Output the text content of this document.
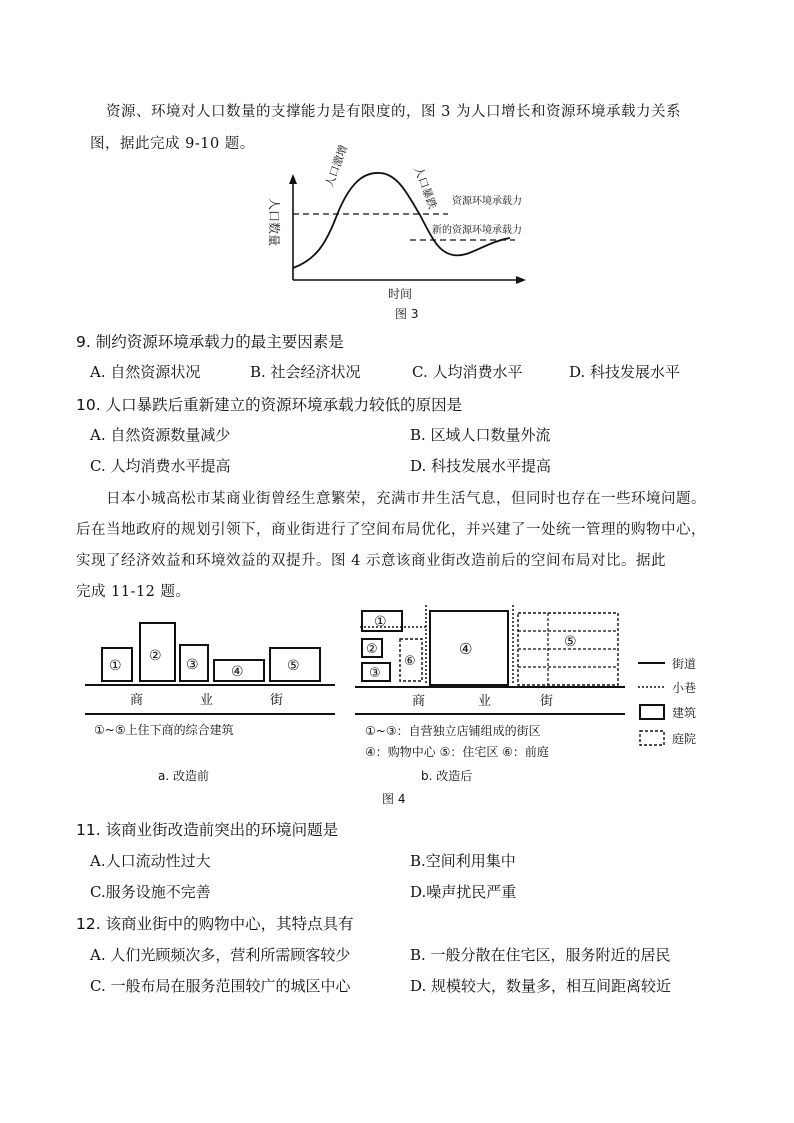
资源、环境对人口数量的支撑能力是有限度的，图 3 为人口增长和资源环境承载力关系
图，据此完成 9-10 题。
人口数量
人口激增	人口暴跌 资源环境承载力
新的资源环境承载力
时间
图 3
9. 制约资源环境承载力的最主要因素是
A. 自然资源状况	B. 社会经济状况	C. 人均消费水平	D. 科技发展水平
10. 人口暴跌后重新建立的资源环境承载力较低的原因是
A. 自然资源数量减少	B. 区域人口数量外流
C. 人均消费水平提高	D. 科技发展水平提高
日本小城高松市某商业街曾经生意繁荣，充满市井生活气息，但同时也存在一些环境问题。
后在当地政府的规划引领下，商业街进行了空间布局优化，并兴建了一处统一管理的购物中心，
实现了经济效益和环境效益的双提升。图 4 示意该商业街改造前后的空间布局对比。据此
完成 11-12 题。
①
②
③ ④	⑤
商	业	街
①~⑤上住下商的综合建筑
a. 改造前
①
②
③
④	⑤
⑥
商	业	街
①~③：自营独立店铺组成的街区
④：购物中心 ⑤：住宅区 ⑥：前庭
b. 改造后
街道
小巷
建筑
庭院
图 4
11. 该商业街改造前突出的环境问题是
A.人口流动性过大	B.空间利用集中
C.服务设施不完善	D.噪声扰民严重
12. 该商业街中的购物中心，其特点具有
A. 人们光顾频次多，营利所需顾客较少	B. 一般分散在住宅区，服务附近的居民
C. 一般布局在服务范围较广的城区中心	D. 规模较大，数量多，相互间距离较近
